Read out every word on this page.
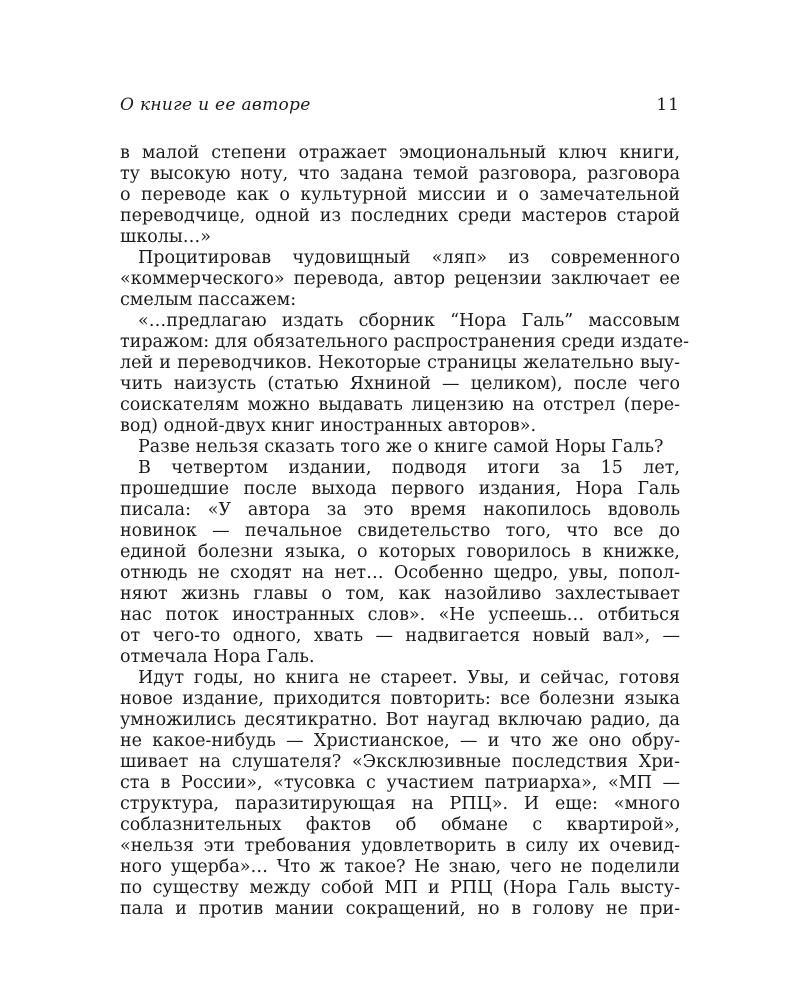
О книге и ее авторе	11
в малой степени отражает эмоциональный ключ книги,
ту высокую ноту, что задана темой разговора, разговора
о переводе как о культурной миссии и о замечательной
переводчице, одной из последних среди мастеров старой
школы…»
Процитировав чудовищный «ляп» из современного
«коммерческого» перевода, автор рецензии заключает ее
смелым пассажем:
«…предлагаю издать сборник “Нора Галь” массовым
тиражом: для обязательного распространения среди издате-
лей и переводчиков. Некоторые страницы желательно выу-
чить наизусть (статью Яхниной — целиком), после чего
соискателям можно выдавать лицензию на отстрел (пере-
вод) одной-двух книг иностранных авторов».
Разве нельзя сказать того же о книге самой Норы Галь?
В четвертом издании, подводя итоги за 15 лет,
прошедшие после выхода первого издания, Нора Галь
писала: «У автора за это время накопилось вдоволь
новинок — печальное свидетельство того, что все до
единой болезни языка, о которых говорилось в книжке,
отнюдь не сходят на нет… Особенно щедро, увы, попол-
няют жизнь главы о том, как назойливо захлестывает
нас поток иностранных слов». «Не успеешь… отбиться
от чего-то одного, хвать — надвигается новый вал», —
отмечала Нора Галь.
Идут годы, но книга не стареет. Увы, и сейчас, готовя
новое издание, приходится повторить: все болезни языка
умножились десятикратно. Вот наугад включаю радио, да
не какое-нибудь — Христианское, — и что же оно обру-
шивает на слушателя? «Эксклюзивные последствия Хри-
ста в России», «тусовка с участием патриарха», «МП —
структура, паразитирующая на РПЦ». И еще: «много
соблазнительных фактов об обмане с квартирой»,
«нельзя эти требования удовлетворить в силу их очевид-
ного ущерба»… Что ж такое? Не знаю, чего не поделили
по существу между собой МП и РПЦ (Нора Галь высту-
пала и против мании сокращений, но в голову не при-
